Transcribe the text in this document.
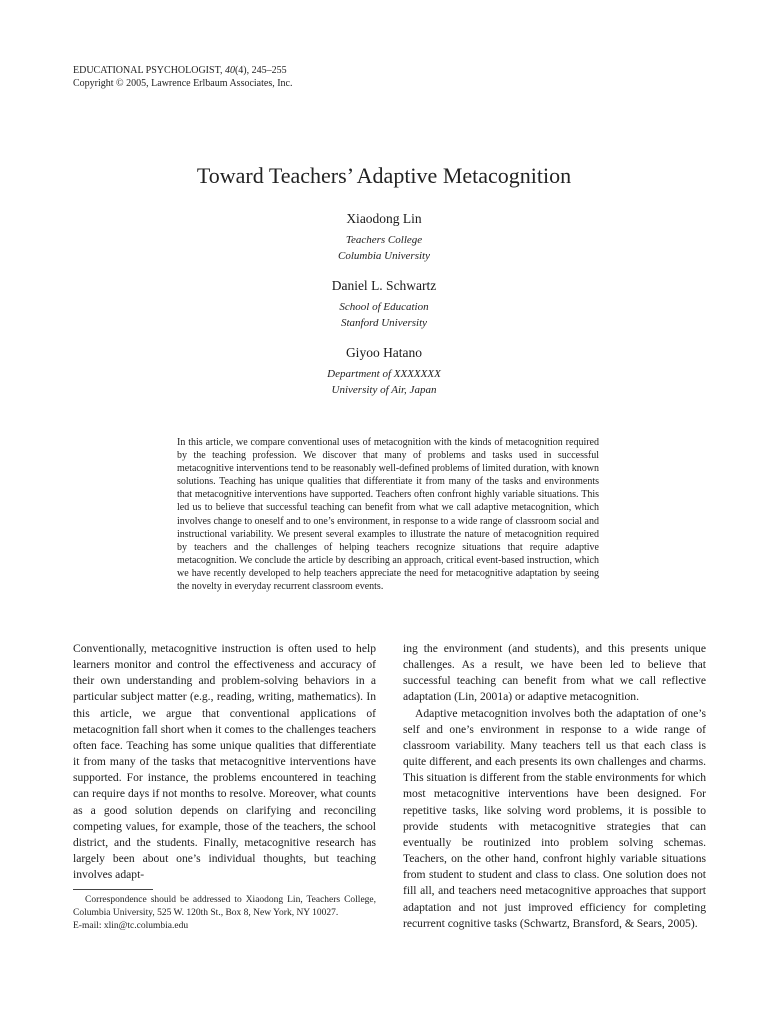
EDUCATIONAL PSYCHOLOGIST, 40(4), 245–255
Copyright © 2005, Lawrence Erlbaum Associates, Inc.
Toward Teachers’ Adaptive Metacognition
Xiaodong Lin
Teachers College
Columbia University
Daniel L. Schwartz
School of Education
Stanford University
Giyoo Hatano
Department of XXXXXXX
University of Air, Japan
In this article, we compare conventional uses of metacognition with the kinds of metacognition required by the teaching profession. We discover that many of problems and tasks used in successful metacognitive interventions tend to be reasonably well-defined problems of limited duration, with known solutions. Teaching has unique qualities that differentiate it from many of the tasks and environments that metacognitive interventions have supported. Teachers often confront highly variable situations. This led us to believe that successful teaching can benefit from what we call adaptive metacognition, which involves change to oneself and to one’s environment, in response to a wide range of classroom social and instructional variability. We present several examples to illustrate the nature of metacognition required by teachers and the challenges of helping teachers recognize situations that require adaptive metacognition. We conclude the article by describing an approach, critical event-based instruction, which we have recently developed to help teachers appreciate the need for metacognitive adaptation by seeing the novelty in everyday recurrent classroom events.

Conventionally, metacognitive instruction is often used to help learners monitor and control the effectiveness and accuracy of their own understanding and problem-solving behaviors in a particular subject matter (e.g., reading, writing, mathematics). In this article, we argue that conventional applications of metacognition fall short when it comes to the challenges teachers often face. Teaching has some unique qualities that differentiate it from many of the tasks that metacognitive interventions have supported. For instance, the problems encountered in teaching can require days if not months to resolve. Moreover, what counts as a good solution depends on clarifying and reconciling competing values, for example, those of the teachers, the school district, and the students. Finally, metacognitive research has largely been about one’s individual thoughts, but teaching involves adapt-

ing the environment (and students), and this presents unique challenges. As a result, we have been led to believe that successful teaching can benefit from what we call reflective adaptation (Lin, 2001a) or adaptive metacognition.

Adaptive metacognition involves both the adaptation of one’s self and one’s environment in response to a wide range of classroom variability. Many teachers tell us that each class is quite different, and each presents its own challenges and charms. This situation is different from the stable environments for which most metacognitive interventions have been designed. For repetitive tasks, like solving word problems, it is possible to provide students with metacognitive strategies that can eventually be routinized into problem solving schemas. Teachers, on the other hand, confront highly variable situations from student to student and class to class. One solution does not fill all, and teachers need metacognitive approaches that support adaptation and not just improved efficiency for completing recurrent cognitive tasks (Schwartz, Bransford, & Sears, 2005).

Correspondence should be addressed to Xiaodong Lin, Teachers College, Columbia University, 525 W. 120th St., Box 8, New York, NY 10027.
E-mail: xlin@tc.columbia.edu
